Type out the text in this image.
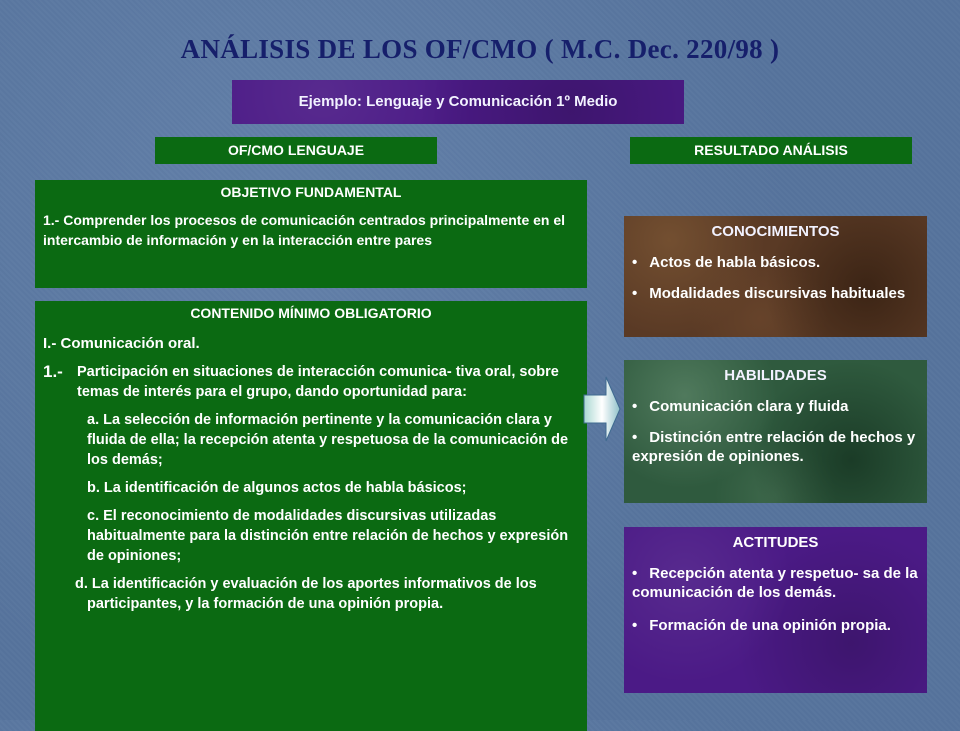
ANÁLISIS DE LOS OF/CMO ( M.C. Dec. 220/98 )
Ejemplo: Lenguaje y Comunicación 1º Medio
OF/CMO LENGUAJE	RESULTADO ANÁLISIS
OBJETIVO FUNDAMENTAL
1.- Comprender los procesos de comunicación centrados principalmente en el intercambio de información y en la interacción entre pares
CONTENIDO MÍNIMO OBLIGATORIO
I.- Comunicación oral.
1.- Participación en situaciones de interacción comunica- tiva oral, sobre temas de interés para el grupo, dando oportunidad para:
a. La selección de información pertinente y la comunicación clara y fluida de ella; la recepción atenta y respetuosa de la comunicación de los demás;
b. La identificación de algunos actos de habla básicos;
c. El reconocimiento de modalidades discursivas utilizadas habitualmente para la distinción entre relación de hechos y expresión de opiniones;
d. La identificación y evaluación de los aportes informativos de los participantes, y la formación de una opinión propia.
CONOCIMIENTOS
• Actos de habla básicos.
• Modalidades discursivas habituales
HABILIDADES
• Comunicación clara y fluida
• Distinción entre relación de hechos y expresión de opiniones.
ACTITUDES
• Recepción atenta y respetuo- sa de la comunicación de los demás.
• Formación de una opinión propia.
